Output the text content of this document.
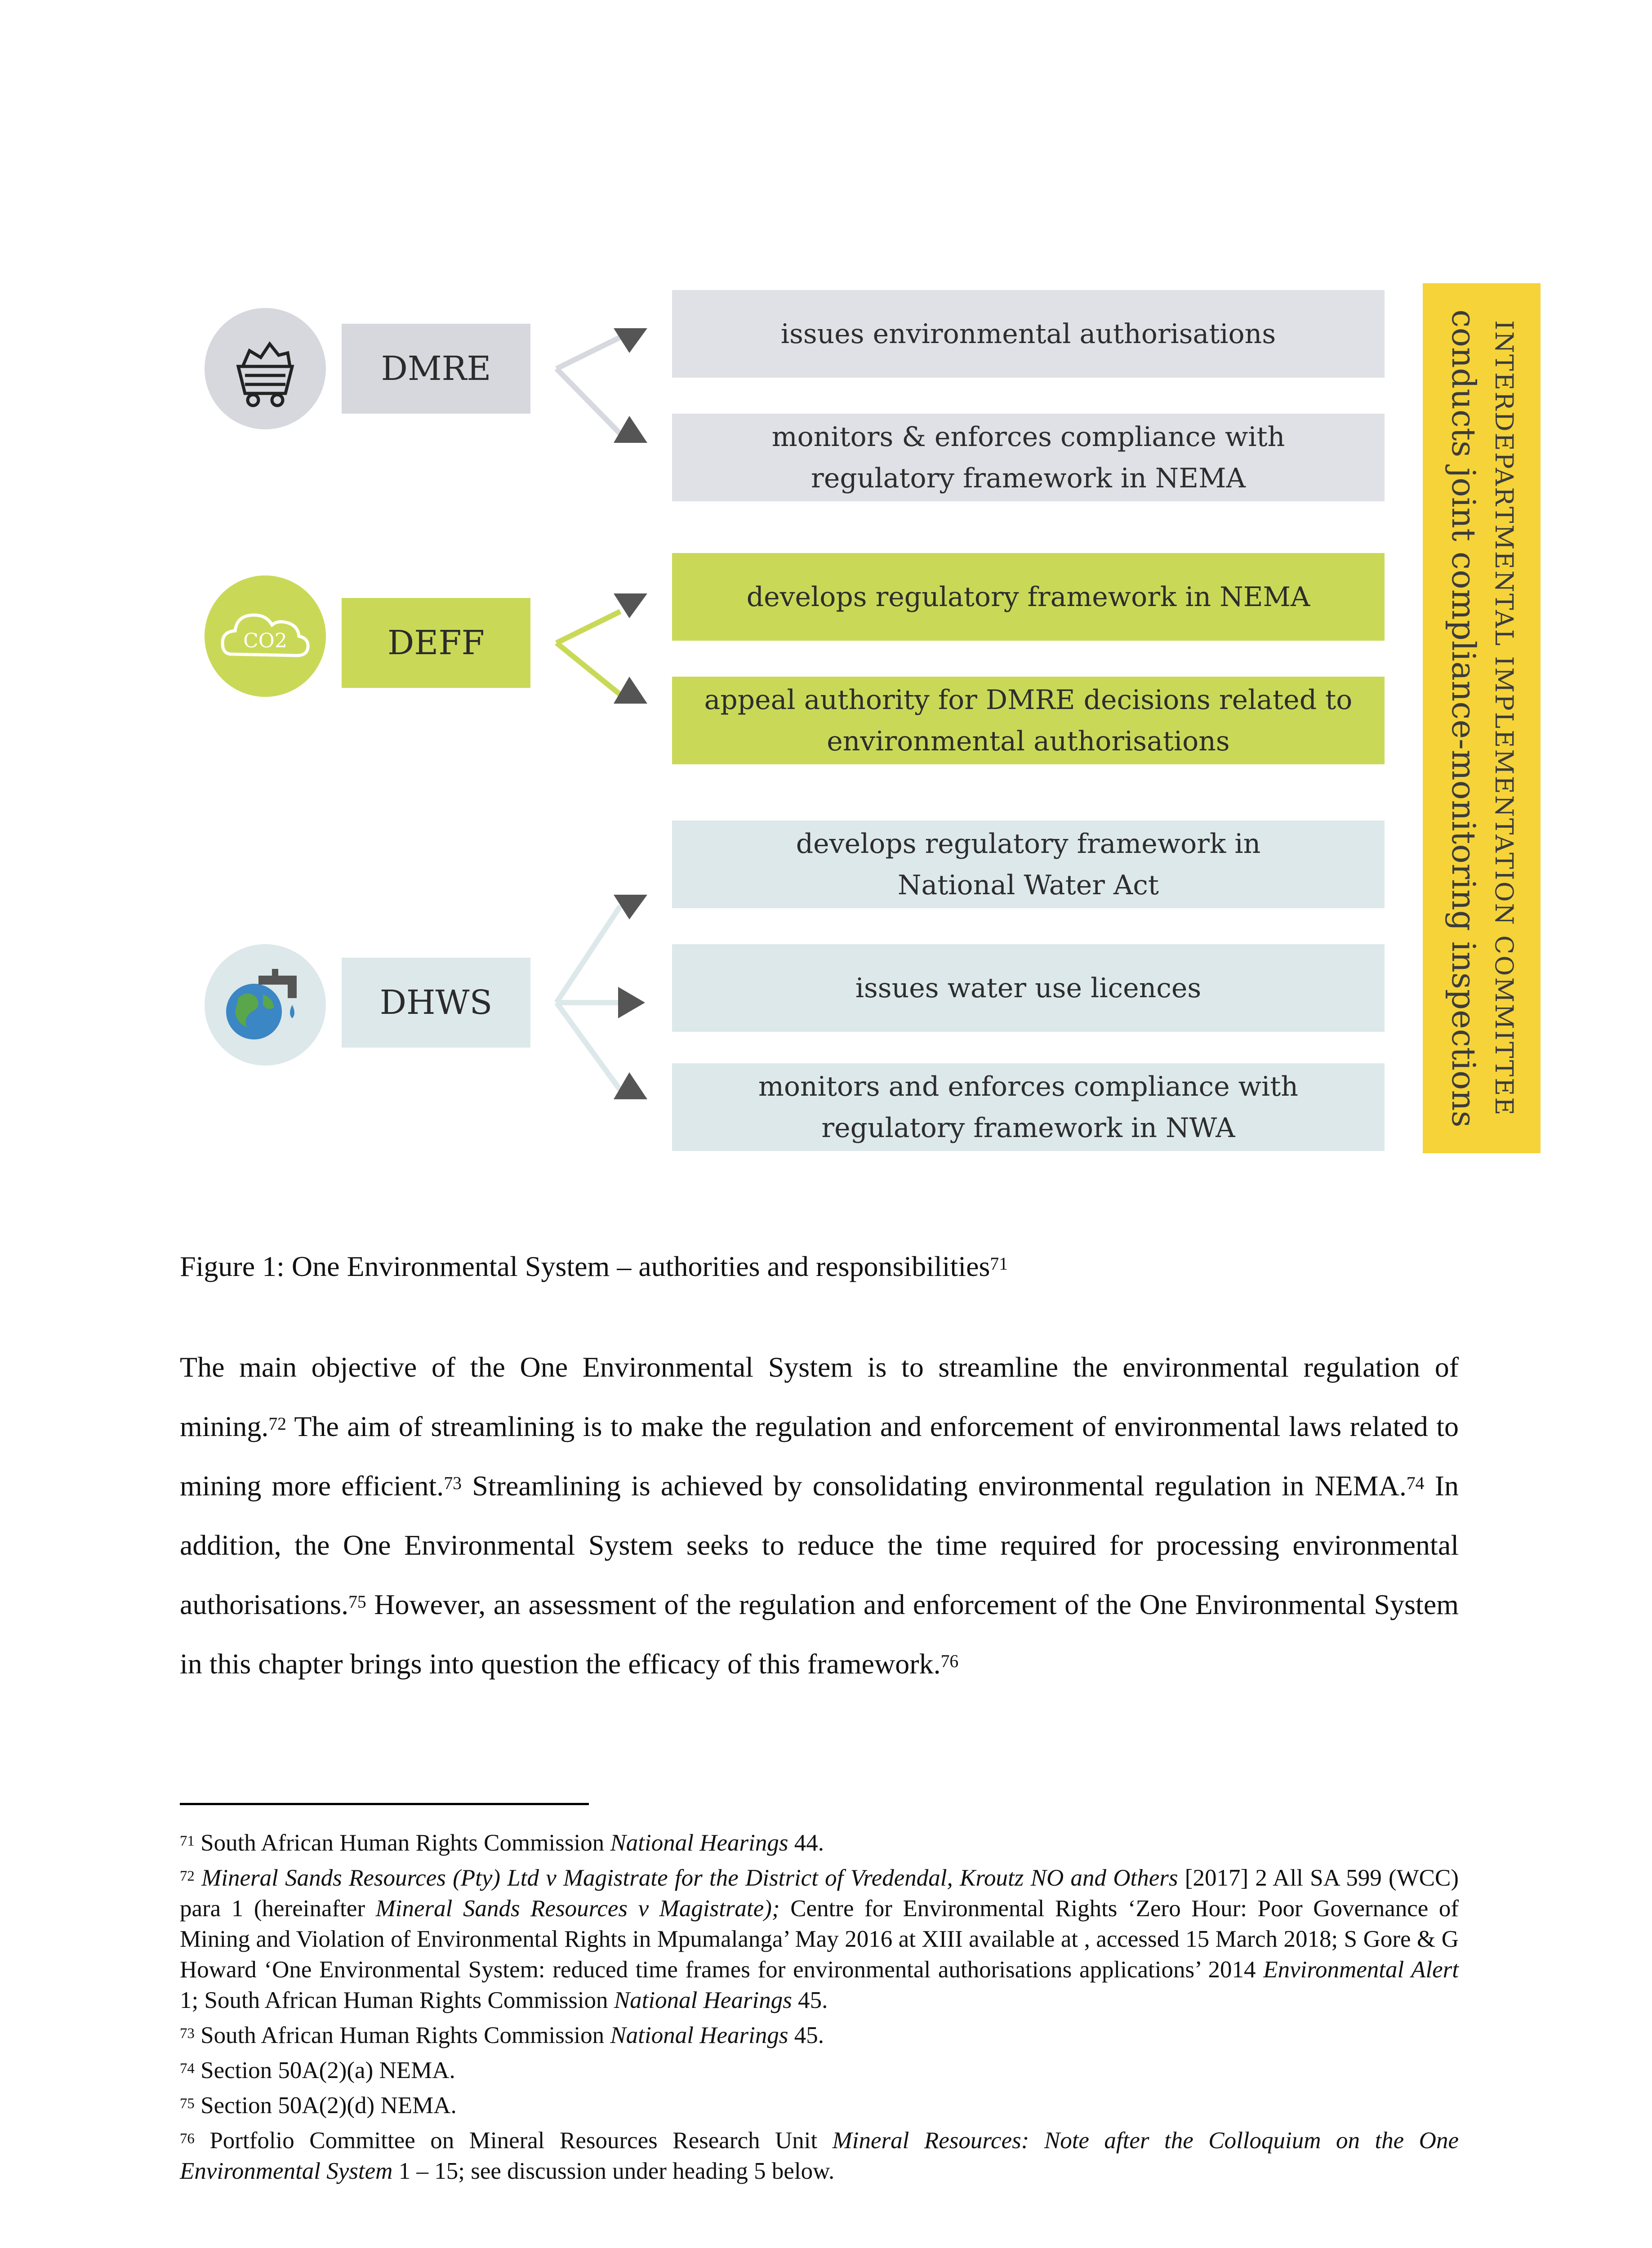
DMRE
CO2	DEFF
DHWS
issues environmental authorisations
monitors & enforces compliance with regulatory framework in NEMA
develops regulatory framework in NEMA
appeal authority for DMRE decisions related to environmental authorisations
develops regulatory framework in National Water Act
issues water use licences
monitors and enforces compliance with regulatory framework in NWA
INTERDEPARTMENTAL IMPLEMENTATION COMMITTEE
conducts joint compliance-monitoring inspections
Figure 1: One Environmental System – authorities and responsibilities$^{71}$
The main objective of the One Environmental System is to streamline the environmental regulation of mining.$^{72}$ The aim of streamlining is to make the regulation and enforcement of environmental laws related to mining more efficient.$^{73}$ Streamlining is achieved by consolidating environmental regulation in NEMA.$^{74}$ In addition, the One Environmental System seeks to reduce the time required for processing environmental authorisations.$^{75}$ However, an assessment of the regulation and enforcement of the One Environmental System in this chapter brings into question the efficacy of this framework.$^{76}$
$^{71}$ South African Human Rights Commission National Hearings 44.
$^{72}$ Mineral Sands Resources (Pty) Ltd v Magistrate for the District of Vredendal, Kroutz NO and Others [2017] 2 All SA 599 (WCC) para 1 (hereinafter Mineral Sands Resources v Magistrate); Centre for Environmental Rights ‘Zero Hour: Poor Governance of Mining and Violation of Environmental Rights in Mpumalanga’ May 2016 at XIII available at , accessed 15 March 2018; S Gore & G Howard ‘One Environmental System: reduced time frames for environmental authorisations applications’ 2014 Environmental Alert 1; South African Human Rights Commission National Hearings 45.
$^{73}$ South African Human Rights Commission National Hearings 45.
$^{74}$ Section 50A(2)(a) NEMA.
$^{75}$ Section 50A(2)(d) NEMA.
$^{76}$ Portfolio Committee on Mineral Resources Research Unit Mineral Resources: Note after the Colloquium on the One Environmental System 1 – 15; see discussion under heading 5 below.
